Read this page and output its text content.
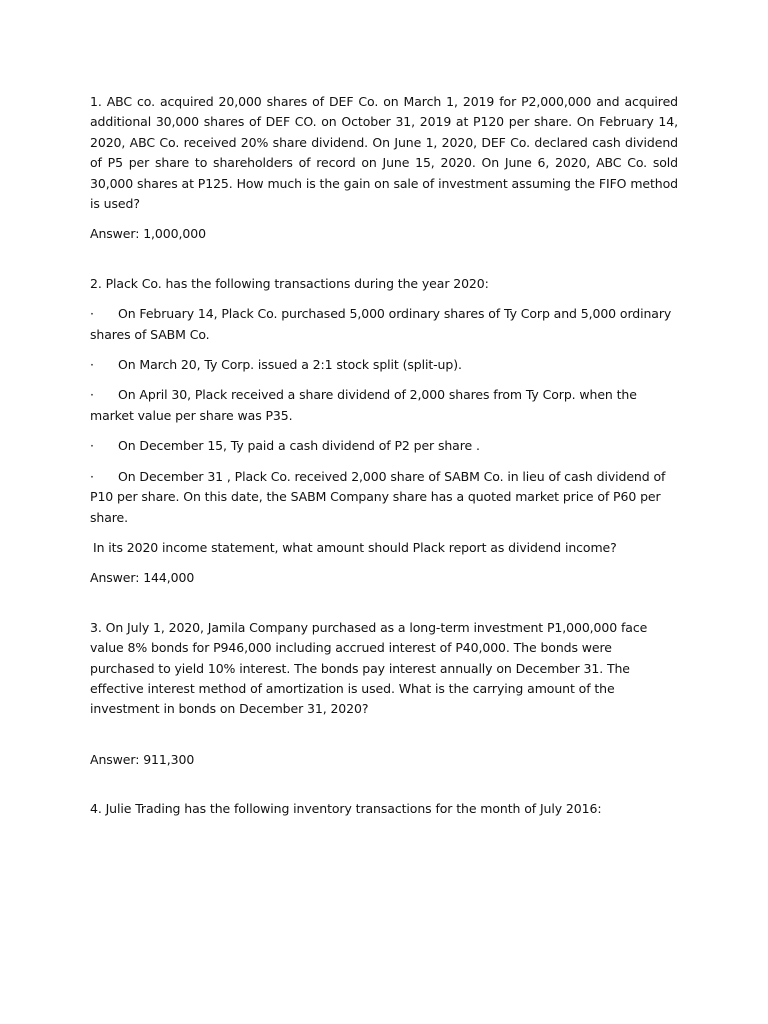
1. ABC co. acquired 20,000 shares of DEF Co. on March 1, 2019 for P2,000,000 and acquired additional 30,000 shares of DEF CO. on October 31, 2019 at P120 per share. On February 14, 2020, ABC Co. received 20% share dividend. On June 1, 2020, DEF Co. declared cash dividend of P5 per share to shareholders of record on June 15, 2020. On June 6, 2020, ABC Co. sold 30,000 shares at P125. How much is the gain on sale of investment assuming the FIFO method is used?

Answer: 1,000,000

2. Plack Co. has the following transactions during the year 2020:

· On February 14, Plack Co. purchased 5,000 ordinary shares of Ty Corp and 5,000 ordinary shares of SABM Co.

· On March 20, Ty Corp. issued a 2:1 stock split (split-up).

· On April 30, Plack received a share dividend of 2,000 shares from Ty Corp. when the market value per share was P35.

· On December 15, Ty paid a cash dividend of P2 per share .

· On December 31 , Plack Co. received 2,000 share of SABM Co. in lieu of cash dividend of P10 per share. On this date, the SABM Company share has a quoted market price of P60 per share.

In its 2020 income statement, what amount should Plack report as dividend income?

Answer: 144,000

3. On July 1, 2020, Jamila Company purchased as a long-term investment P1,000,000 face value 8% bonds for P946,000 including accrued interest of P40,000. The bonds were purchased to yield 10% interest. The bonds pay interest annually on December 31. The effective interest method of amortization is used. What is the carrying amount of the investment in bonds on December 31, 2020?

Answer: 911,300

4. Julie Trading has the following inventory transactions for the month of July 2016:
